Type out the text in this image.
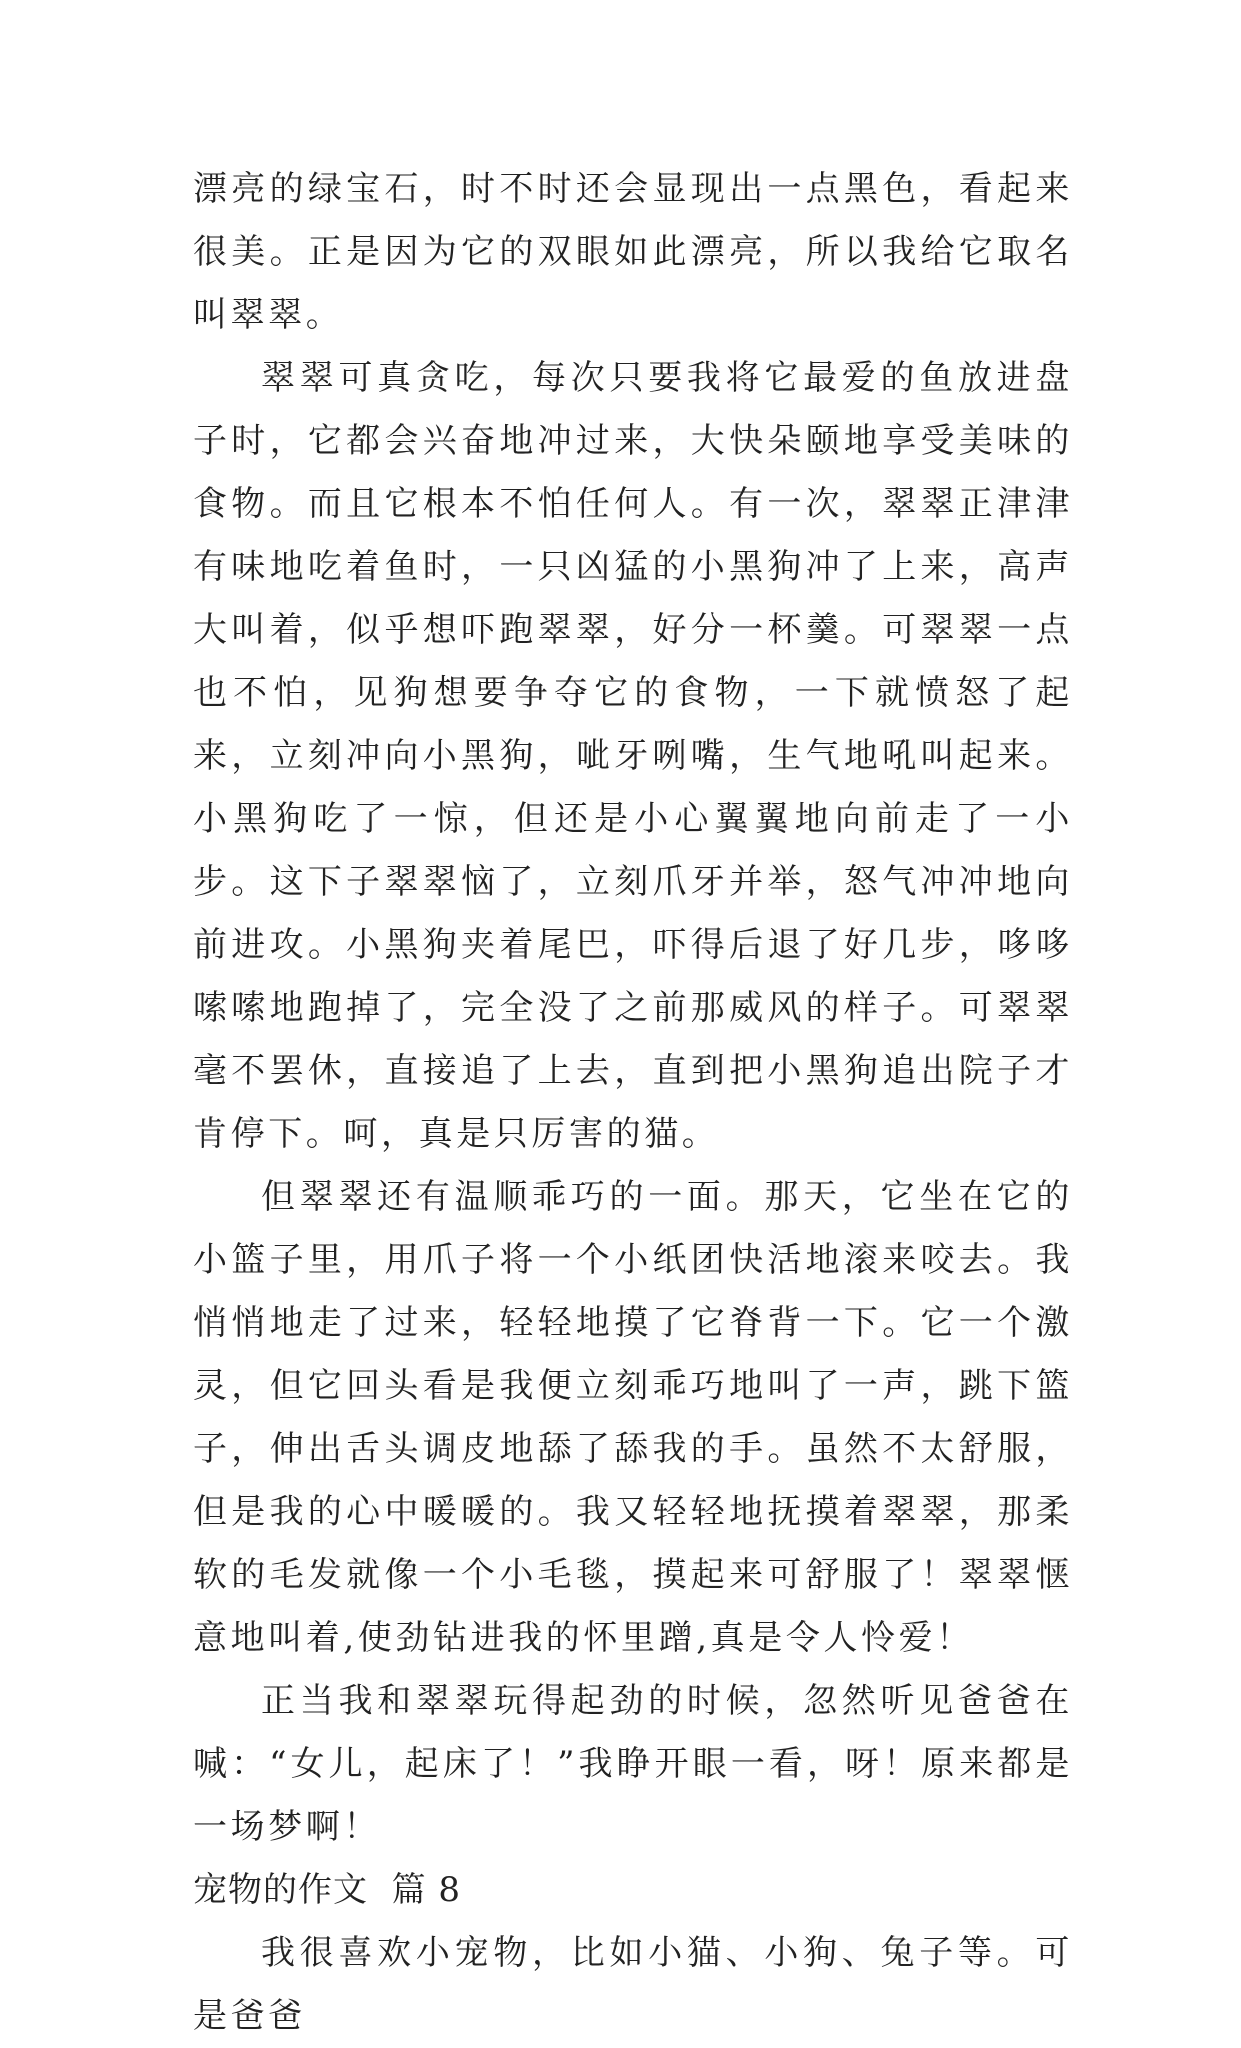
漂亮的绿宝石，时不时还会显现出一点黑色，看起来很美。正是因为它的双眼如此漂亮，所以我给它取名叫翠翠。

翠翠可真贪吃，每次只要我将它最爱的鱼放进盘子时，它都会兴奋地冲过来，大快朵颐地享受美味的食物。而且它根本不怕任何人。有一次，翠翠正津津有味地吃着鱼时，一只凶猛的小黑狗冲了上来，高声大叫着，似乎想吓跑翠翠，好分一杯羹。可翠翠一点也不怕，见狗想要争夺它的食物，一下就愤怒了起来，立刻冲向小黑狗，呲牙咧嘴，生气地吼叫起来。小黑狗吃了一惊，但还是小心翼翼地向前走了一小步。这下子翠翠恼了，立刻爪牙并举，怒气冲冲地向前进攻。小黑狗夹着尾巴，吓得后退了好几步，哆哆嗦嗦地跑掉了，完全没了之前那威风的样子。可翠翠毫不罢休，直接追了上去，直到把小黑狗追出院子才肯停下。呵，真是只厉害的猫。

但翠翠还有温顺乖巧的一面。那天，它坐在它的小篮子里，用爪子将一个小纸团快活地滚来咬去。我悄悄地走了过来，轻轻地摸了它脊背一下。它一个激灵，但它回头看是我便立刻乖巧地叫了一声，跳下篮子，伸出舌头调皮地舔了舔我的手。虽然不太舒服，但是我的心中暖暖的。我又轻轻地抚摸着翠翠，那柔软的毛发就像一个小毛毯，摸起来可舒服了！翠翠惬意地叫着,使劲钻进我的怀里蹭,真是令人怜爱！

正当我和翠翠玩得起劲的时候，忽然听见爸爸在喊：“女儿，起床了！”我睁开眼一看，呀！原来都是一场梦啊！

宠物的作文  篇 8

我很喜欢小宠物，比如小猫、小狗、兔子等。可是爸爸
